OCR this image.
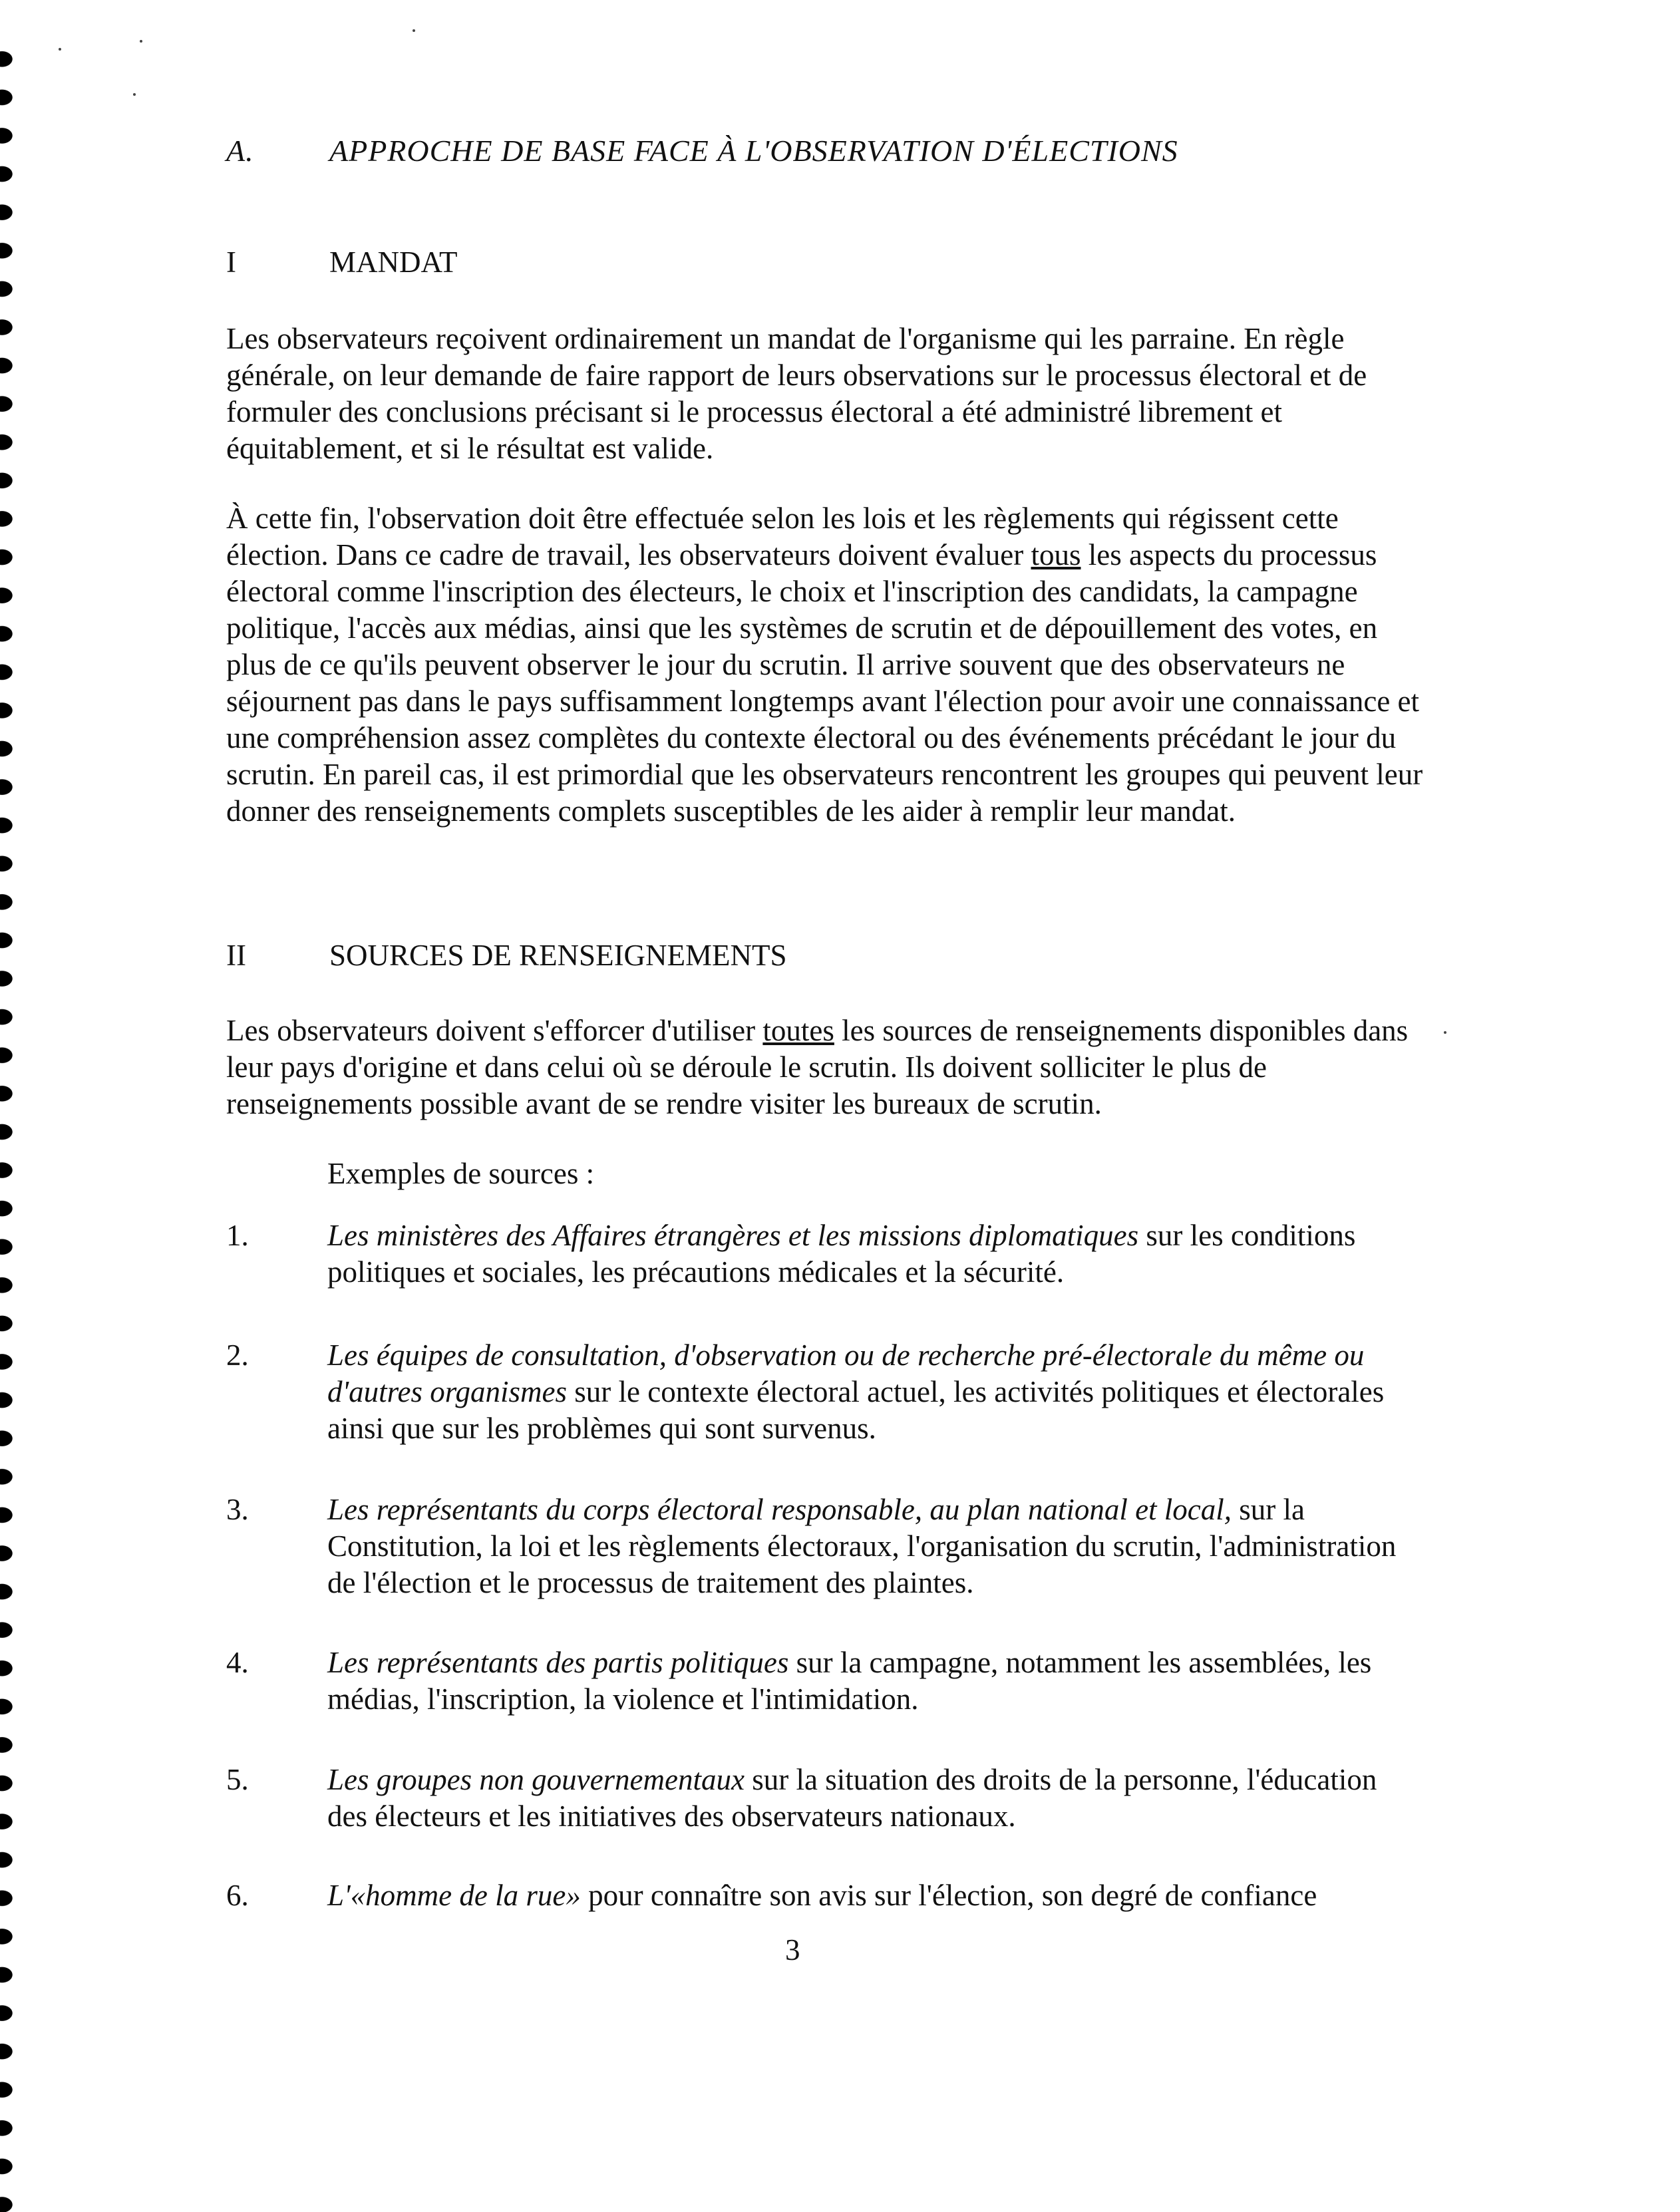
A. APPROCHE DE BASE FACE À L'OBSERVATION D'ÉLECTIONS
I	MANDAT
Les observateurs reçoivent ordinairement un mandat de l'organisme qui les parraine. En règle générale, on leur demande de faire rapport de leurs observations sur le processus électoral et de formuler des conclusions précisant si le processus électoral a été administré librement et équitablement, et si le résultat est valide.
À cette fin, l'observation doit être effectuée selon les lois et les règlements qui régissent cette élection. Dans ce cadre de travail, les observateurs doivent évaluer tous les aspects du processus électoral comme l'inscription des électeurs, le choix et l'inscription des candidats, la campagne politique, l'accès aux médias, ainsi que les systèmes de scrutin et de dépouillement des votes, en plus de ce qu'ils peuvent observer le jour du scrutin. Il arrive souvent que des observateurs ne séjournent pas dans le pays suffisamment longtemps avant l'élection pour avoir une connaissance et une compréhension assez complètes du contexte électoral ou des événements précédant le jour du scrutin. En pareil cas, il est primordial que les observateurs rencontrent les groupes qui peuvent leur donner des renseignements complets susceptibles de les aider à remplir leur mandat.
II	SOURCES DE RENSEIGNEMENTS
Les observateurs doivent s'efforcer d'utiliser toutes les sources de renseignements disponibles dans leur pays d'origine et dans celui où se déroule le scrutin. Ils doivent solliciter le plus de renseignements possible avant de se rendre visiter les bureaux de scrutin.
Exemples de sources :
1.	Les ministères des Affaires étrangères et les missions diplomatiques sur les conditions politiques et sociales, les précautions médicales et la sécurité.
2.	Les équipes de consultation, d'observation ou de recherche pré-électorale du même ou d'autres organismes sur le contexte électoral actuel, les activités politiques et électorales ainsi que sur les problèmes qui sont survenus.
3.	Les représentants du corps électoral responsable, au plan national et local, sur la Constitution, la loi et les règlements électoraux, l'organisation du scrutin, l'administration de l'élection et le processus de traitement des plaintes.
4.	Les représentants des partis politiques sur la campagne, notamment les assemblées, les médias, l'inscription, la violence et l'intimidation.
5.	Les groupes non gouvernementaux sur la situation des droits de la personne, l'éducation des électeurs et les initiatives des observateurs nationaux.
6.	L'«homme de la rue» pour connaître son avis sur l'élection, son degré de confiance
3
